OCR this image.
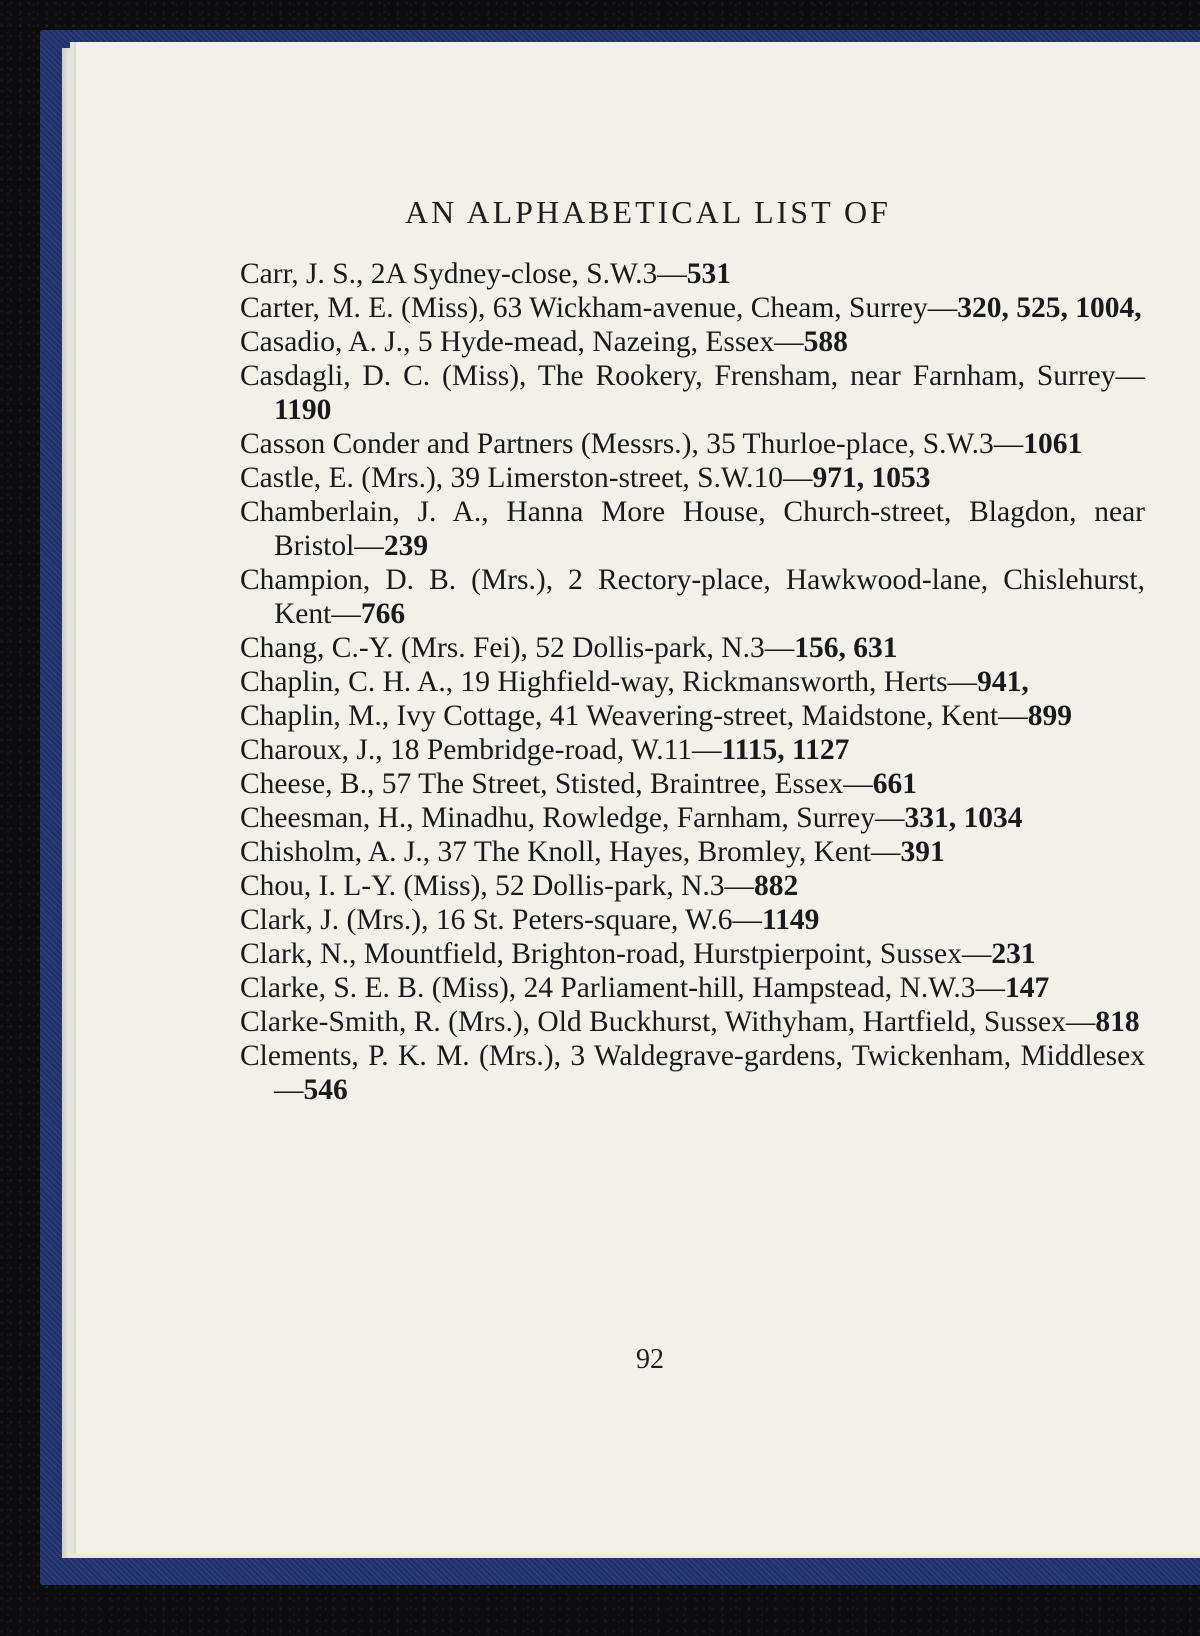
AN ALPHABETICAL LIST OF

Carr, J. S., 2A Sydney-close, S.W.3—531

Carter, M. E. (Miss), 63 Wickham-avenue, Cheam, Surrey—320, 525, 1004,

Casadio, A. J., 5 Hyde-mead, Nazeing, Essex—588

Casdagli, D. C. (Miss), The Rookery, Frensham, near Farnham, Surrey—1190

Casson Conder and Partners (Messrs.), 35 Thurloe-place, S.W.3—1061

Castle, E. (Mrs.), 39 Limerston-street, S.W.10—971, 1053

Chamberlain, J. A., Hanna More House, Church-street, Blagdon, near Bristol—239

Champion, D. B. (Mrs.), 2 Rectory-place, Hawkwood-lane, Chislehurst, Kent—766

Chang, C.-Y. (Mrs. Fei), 52 Dollis-park, N.3—156, 631

Chaplin, C. H. A., 19 Highfield-way, Rickmansworth, Herts—941,

Chaplin, M., Ivy Cottage, 41 Weavering-street, Maidstone, Kent—899

Charoux, J., 18 Pembridge-road, W.11—1115, 1127

Cheese, B., 57 The Street, Stisted, Braintree, Essex—661

Cheesman, H., Minadhu, Rowledge, Farnham, Surrey—331, 1034

Chisholm, A. J., 37 The Knoll, Hayes, Bromley, Kent—391

Chou, I. L-Y. (Miss), 52 Dollis-park, N.3—882

Clark, J. (Mrs.), 16 St. Peters-square, W.6—1149

Clark, N., Mountfield, Brighton-road, Hurstpierpoint, Sussex—231

Clarke, S. E. B. (Miss), 24 Parliament-hill, Hampstead, N.W.3—147

Clarke-Smith, R. (Mrs.), Old Buckhurst, Withyham, Hartfield, Sussex—818

Clements, P. K. M. (Mrs.), 3 Waldegrave-gardens, Twickenham, Middlesex—546

92
